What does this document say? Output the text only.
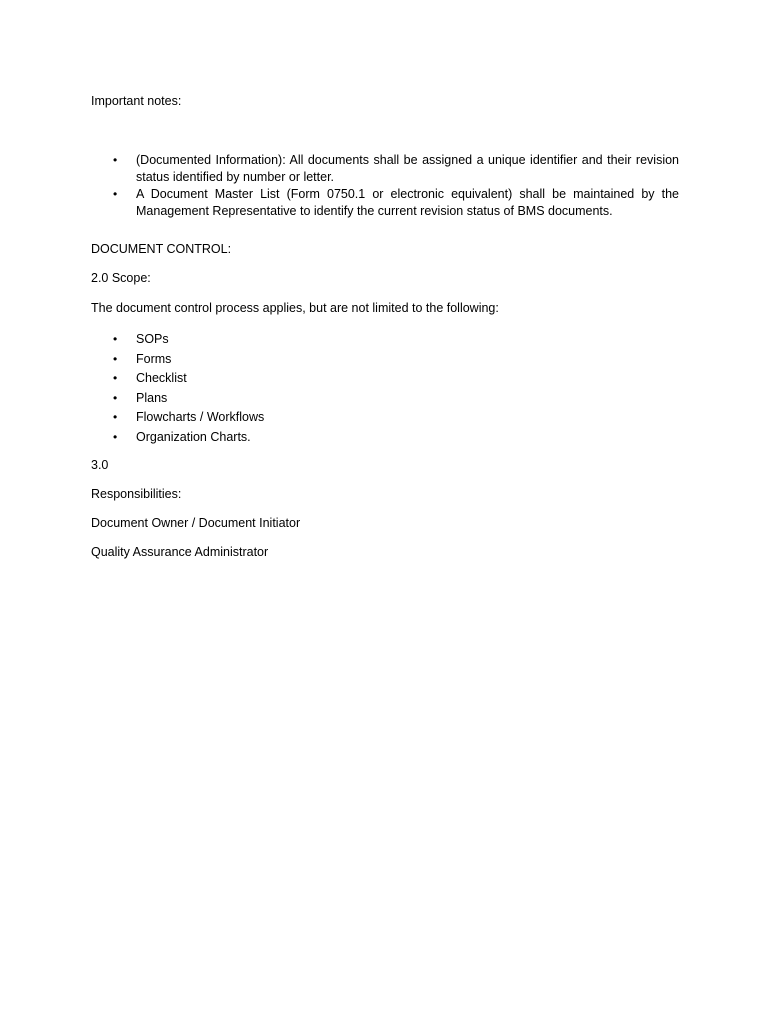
Important notes:
• (Documented Information): All documents shall be assigned a unique identifier and their revision status identified by number or letter.
• A Document Master List (Form 0750.1 or electronic equivalent) shall be maintained by the Management Representative to identify the current revision status of BMS documents.
DOCUMENT CONTROL:
2.0 Scope:
The document control process applies, but are not limited to the following:
• SOPs
• Forms
• Checklist
• Plans
• Flowcharts / Workflows
• Organization Charts.
3.0
Responsibilities:
Document Owner / Document Initiator
Quality Assurance Administrator
